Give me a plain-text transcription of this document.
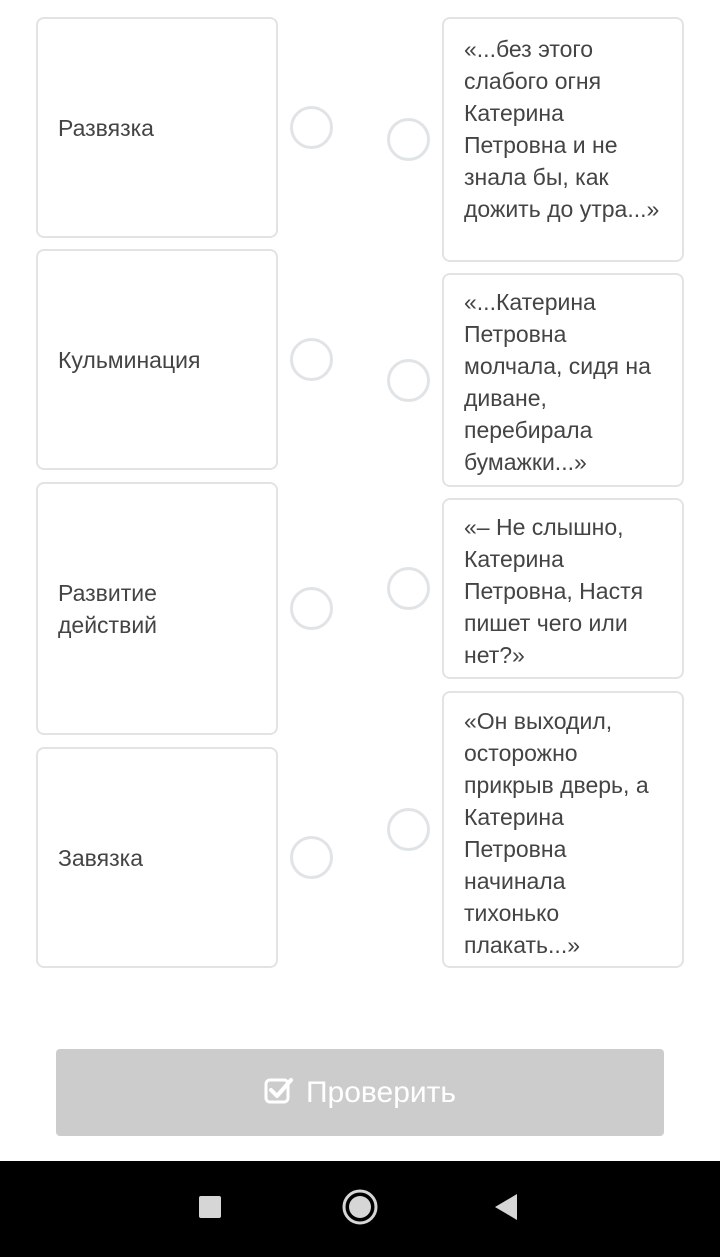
Развязка
Кульминация
Развитие действий
Завязка
«...без этого слабого огня Катерина Петровна и не знала бы, как дожить до утра...»
«...Катерина Петровна молчала, сидя на диване, перебирала бумажки...»
«– Не слышно, Катерина Петровна, Настя пишет чего или нет?»
«Он выходил, осторожно прикрыв дверь, а Катерина Петровна начинала тихонько плакать...»
Проверить
